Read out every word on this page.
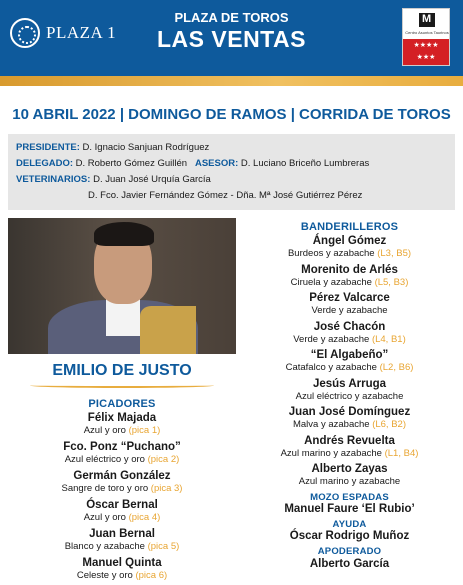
PLAZA 1
PLAZA DE TOROS
LAS VENTAS
M	Centro Asuntos Taurinos
★★★★
★★★
10 ABRIL 2022 | DOMINGO DE RAMOS | CORRIDA DE TOROS
PRESIDENTE: D. Ignacio Sanjuan Rodríguez
DELEGADO: D. Roberto Gómez Guillén ASESOR: D. Luciano Briceño Lumbreras
VETERINARIOS: D. Juan José Urquía García
D. Fco. Javier Fernández Gómez - Dña. Mª José Gutiérrez Pérez
EMILIO DE JUSTO
PICADORES
Félix Majada
Azul y oro (pica 1)
Fco. Ponz “Puchano”
Azul eléctrico y oro (pica 2)
Germán González
Sangre de toro y oro (pica 3)
Óscar Bernal
Azul y oro (pica 4)
Juan Bernal
Blanco y azabache (pica 5)
Manuel Quinta
Celeste y oro (pica 6)
BANDERILLEROS
Ángel Gómez
Burdeos y azabache (L3, B5)
Morenito de Arlés
Ciruela y azabache (L5, B3)
Pérez Valcarce
Verde y azabache
José Chacón
Verde y azabache (L4, B1)
“El Algabeño”
Catafalco y azabache (L2, B6)
Jesús Arruga
Azul eléctrico y azabache
Juan José Domínguez
Malva y azabache (L6, B2)
Andrés Revuelta
Azul marino y azabache (L1, B4)
Alberto Zayas
Azul marino y azabache
MOZO ESPADAS
Manuel Faure ‘El Rubio’
AYUDA
Óscar Rodrigo Muñoz
APODERADO
Alberto García
